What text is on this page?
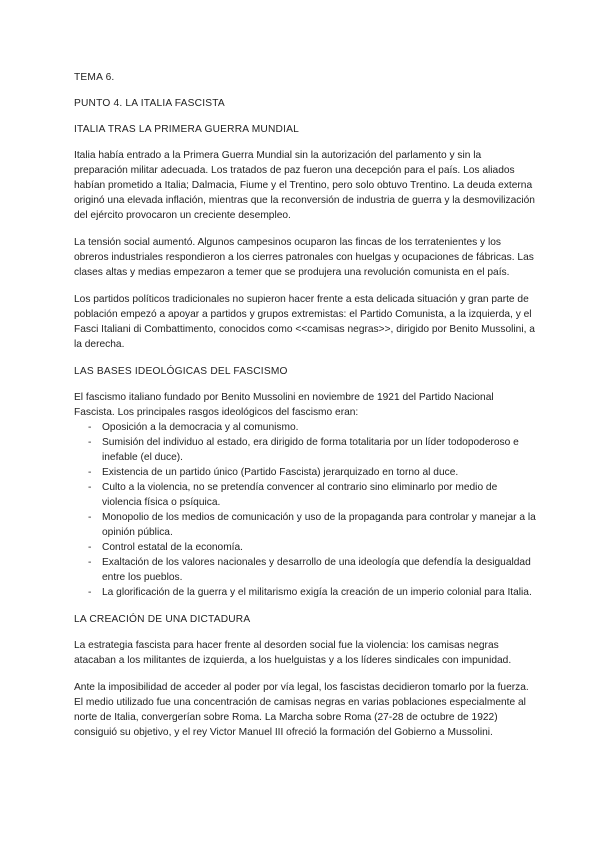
TEMA 6.
PUNTO 4. LA ITALIA FASCISTA
ITALIA TRAS LA PRIMERA GUERRA MUNDIAL

Italia había entrado a la Primera Guerra Mundial sin la autorización del parlamento y sin la preparación militar adecuada. Los tratados de paz fueron una decepción para el país. Los aliados habían prometido a Italia; Dalmacia, Fiume y el Trentino, pero solo obtuvo Trentino. La deuda externa originó una elevada inflación, mientras que la reconversión de industria de guerra y la desmovilización del ejército provocaron un creciente desempleo.

La tensión social aumentó. Algunos campesinos ocuparon las fincas de los terratenientes y los obreros industriales respondieron a los cierres patronales con huelgas y ocupaciones de fábricas. Las clases altas y medias empezaron a temer que se produjera una revolución comunista en el país.

Los partidos políticos tradicionales no supieron hacer frente a esta delicada situación y gran parte de población empezó a apoyar a partidos y grupos extremistas: el Partido Comunista, a la izquierda, y el Fasci Italiani di Combattimento, conocidos como <<camisas negras>>, dirigido por Benito Mussolini, a la derecha.

LAS BASES IDEOLÓGICAS DEL FASCISMO

El fascismo italiano fundado por Benito Mussolini en noviembre de 1921 del Partido Nacional Fascista. Los principales rasgos ideológicos del fascismo eran:

- Oposición a la democracia y al comunismo.
- Sumisión del individuo al estado, era dirigido de forma totalitaria por un líder todopoderoso e inefable (el duce).
- Existencia de un partido único (Partido Fascista) jerarquizado en torno al duce.
- Culto a la violencia, no se pretendía convencer al contrario sino eliminarlo por medio de violencia física o psíquica.
- Monopolio de los medios de comunicación y uso de la propaganda para controlar y manejar a la opinión pública.
- Control estatal de la economía.
- Exaltación de los valores nacionales y desarrollo de una ideología que defendía la desigualdad entre los pueblos.
- La glorificación de la guerra y el militarismo exigía la creación de un imperio colonial para Italia.
LA CREACIÓN DE UNA DICTADURA

La estrategia fascista para hacer frente al desorden social fue la violencia: los camisas negras atacaban a los militantes de izquierda, a los huelguistas y a los líderes sindicales con impunidad.

Ante la imposibilidad de acceder al poder por vía legal, los fascistas decidieron tomarlo por la fuerza. El medio utilizado fue una concentración de camisas negras en varias poblaciones especialmente al norte de Italia, convergerían sobre Roma. La Marcha sobre Roma (27-28 de octubre de 1922) consiguió su objetivo, y el rey Victor Manuel III ofreció la formación del Gobierno a Mussolini.
